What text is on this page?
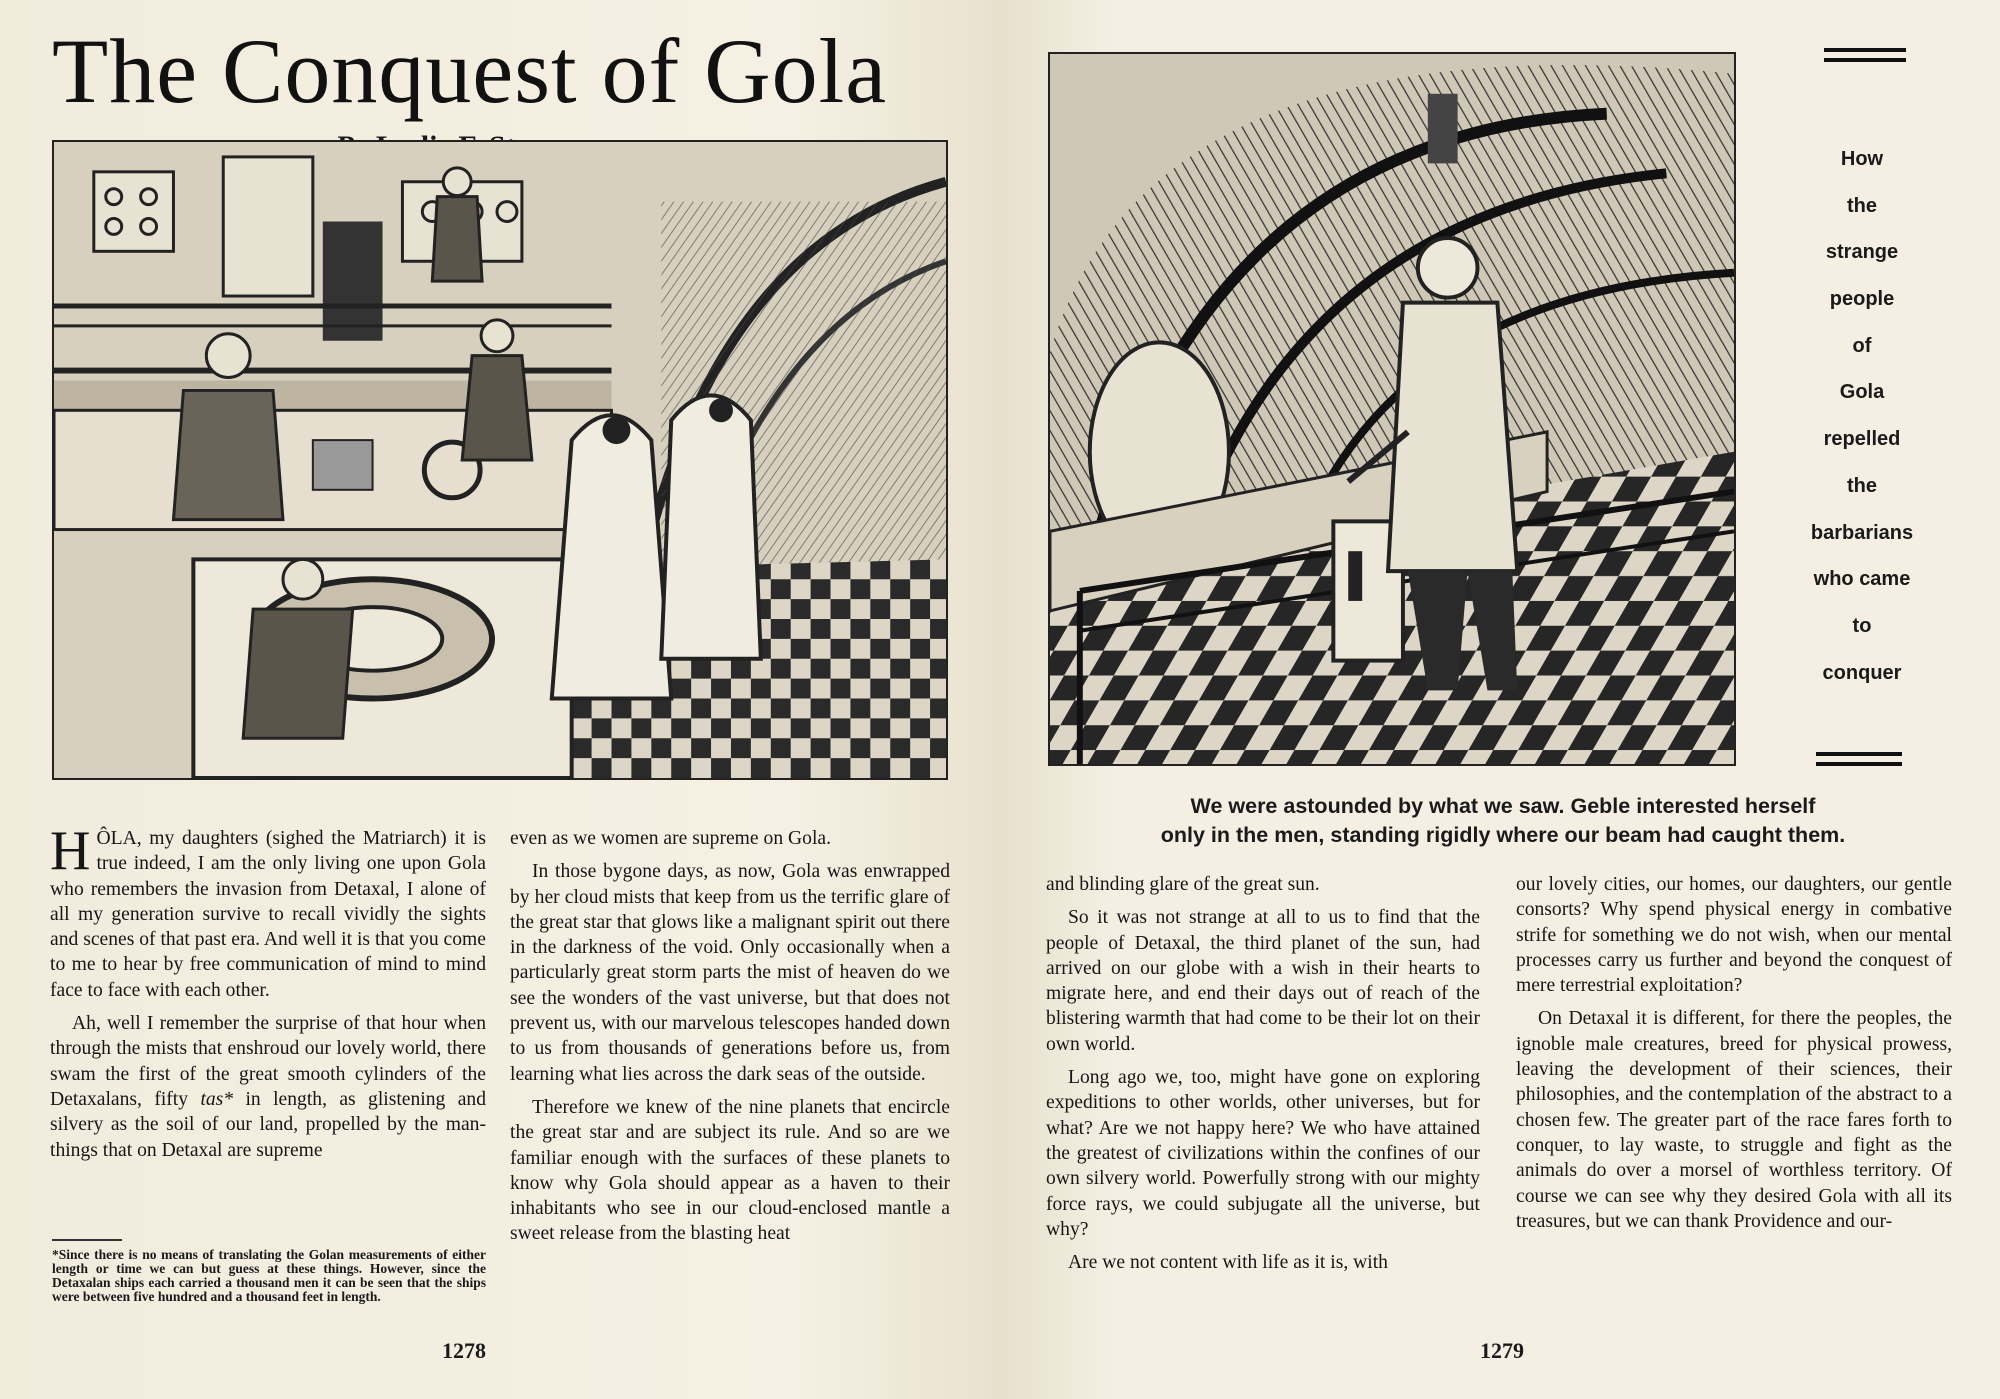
The Conquest of Gola

HÔLA, my daughters (sighed the Matriarch) it is true indeed, I am the only living one upon Gola who remembers the invasion from Detaxal, I alone of all my generation survive to recall vividly the sights and scenes of that past era. And well it is that you come to me to hear by free communication of mind to mind face to face with each other.

Ah, well I remember the surprise of that hour when through the mists that enshroud our lovely world, there swam the first of the great smooth cylinders of the Detaxalans, fifty tas* in length, as glistening and silvery as the soil of our land, propelled by the man-things that on Detaxal are supreme

*Since there is no means of translating the Golan measurements of either length or time we can but guess at these things. However, since the Detaxalan ships each carried a thousand men it can be seen that the ships were between five hundred and a thousand feet in length.

even as we women are supreme on Gola.

In those bygone days, as now, Gola was enwrapped by her cloud mists that keep from us the terrific glare of the great star that glows like a malignant spirit out there in the darkness of the void. Only occasionally when a particularly great storm parts the mist of heaven do we see the wonders of the vast universe, but that does not prevent us, with our marvelous telescopes handed down to us from thousands of generations before us, from learning what lies across the dark seas of the outside.

Therefore we knew of the nine planets that encircle the great star and are subject its rule. And so are we familiar enough with the surfaces of these planets to know why Gola should appear as a haven to their inhabitants who see in our cloud-enclosed mantle a sweet release from the blasting heat

1278	1279

and blinding glare of the great sun.

So it was not strange at all to us to find that the people of Detaxal, the third planet of the sun, had arrived on our globe with a wish in their hearts to migrate here, and end their days out of reach of the blistering warmth that had come to be their lot on their own world.

Long ago we, too, might have gone on exploring expeditions to other worlds, other universes, but for what? Are we not happy here? We who have attained the greatest of civilizations within the confines of our own silvery world. Powerfully strong with our mighty force rays, we could subjugate all the universe, but why?

Are we not content with life as it is, with

our lovely cities, our homes, our daughters, our gentle consorts? Why spend physical energy in combative strife for something we do not wish, when our mental processes carry us further and beyond the conquest of mere terrestrial exploitation?

On Detaxal it is different, for there the peoples, the ignoble male creatures, breed for physical prowess, leaving the development of their sciences, their philosophies, and the contemplation of the abstract to a chosen few. The greater part of the race fares forth to conquer, to lay waste, to struggle and fight as the animals do over a morsel of worthless territory. Of course we can see why they desired Gola with all its treasures, but we can thank Providence and our-

How
the
strange
people
of
Gola
repelled
the
barbarians
who came
to
conquer
We were astounded by what we saw. Geble interested herself
only in the men, standing rigidly where our beam had caught them.
